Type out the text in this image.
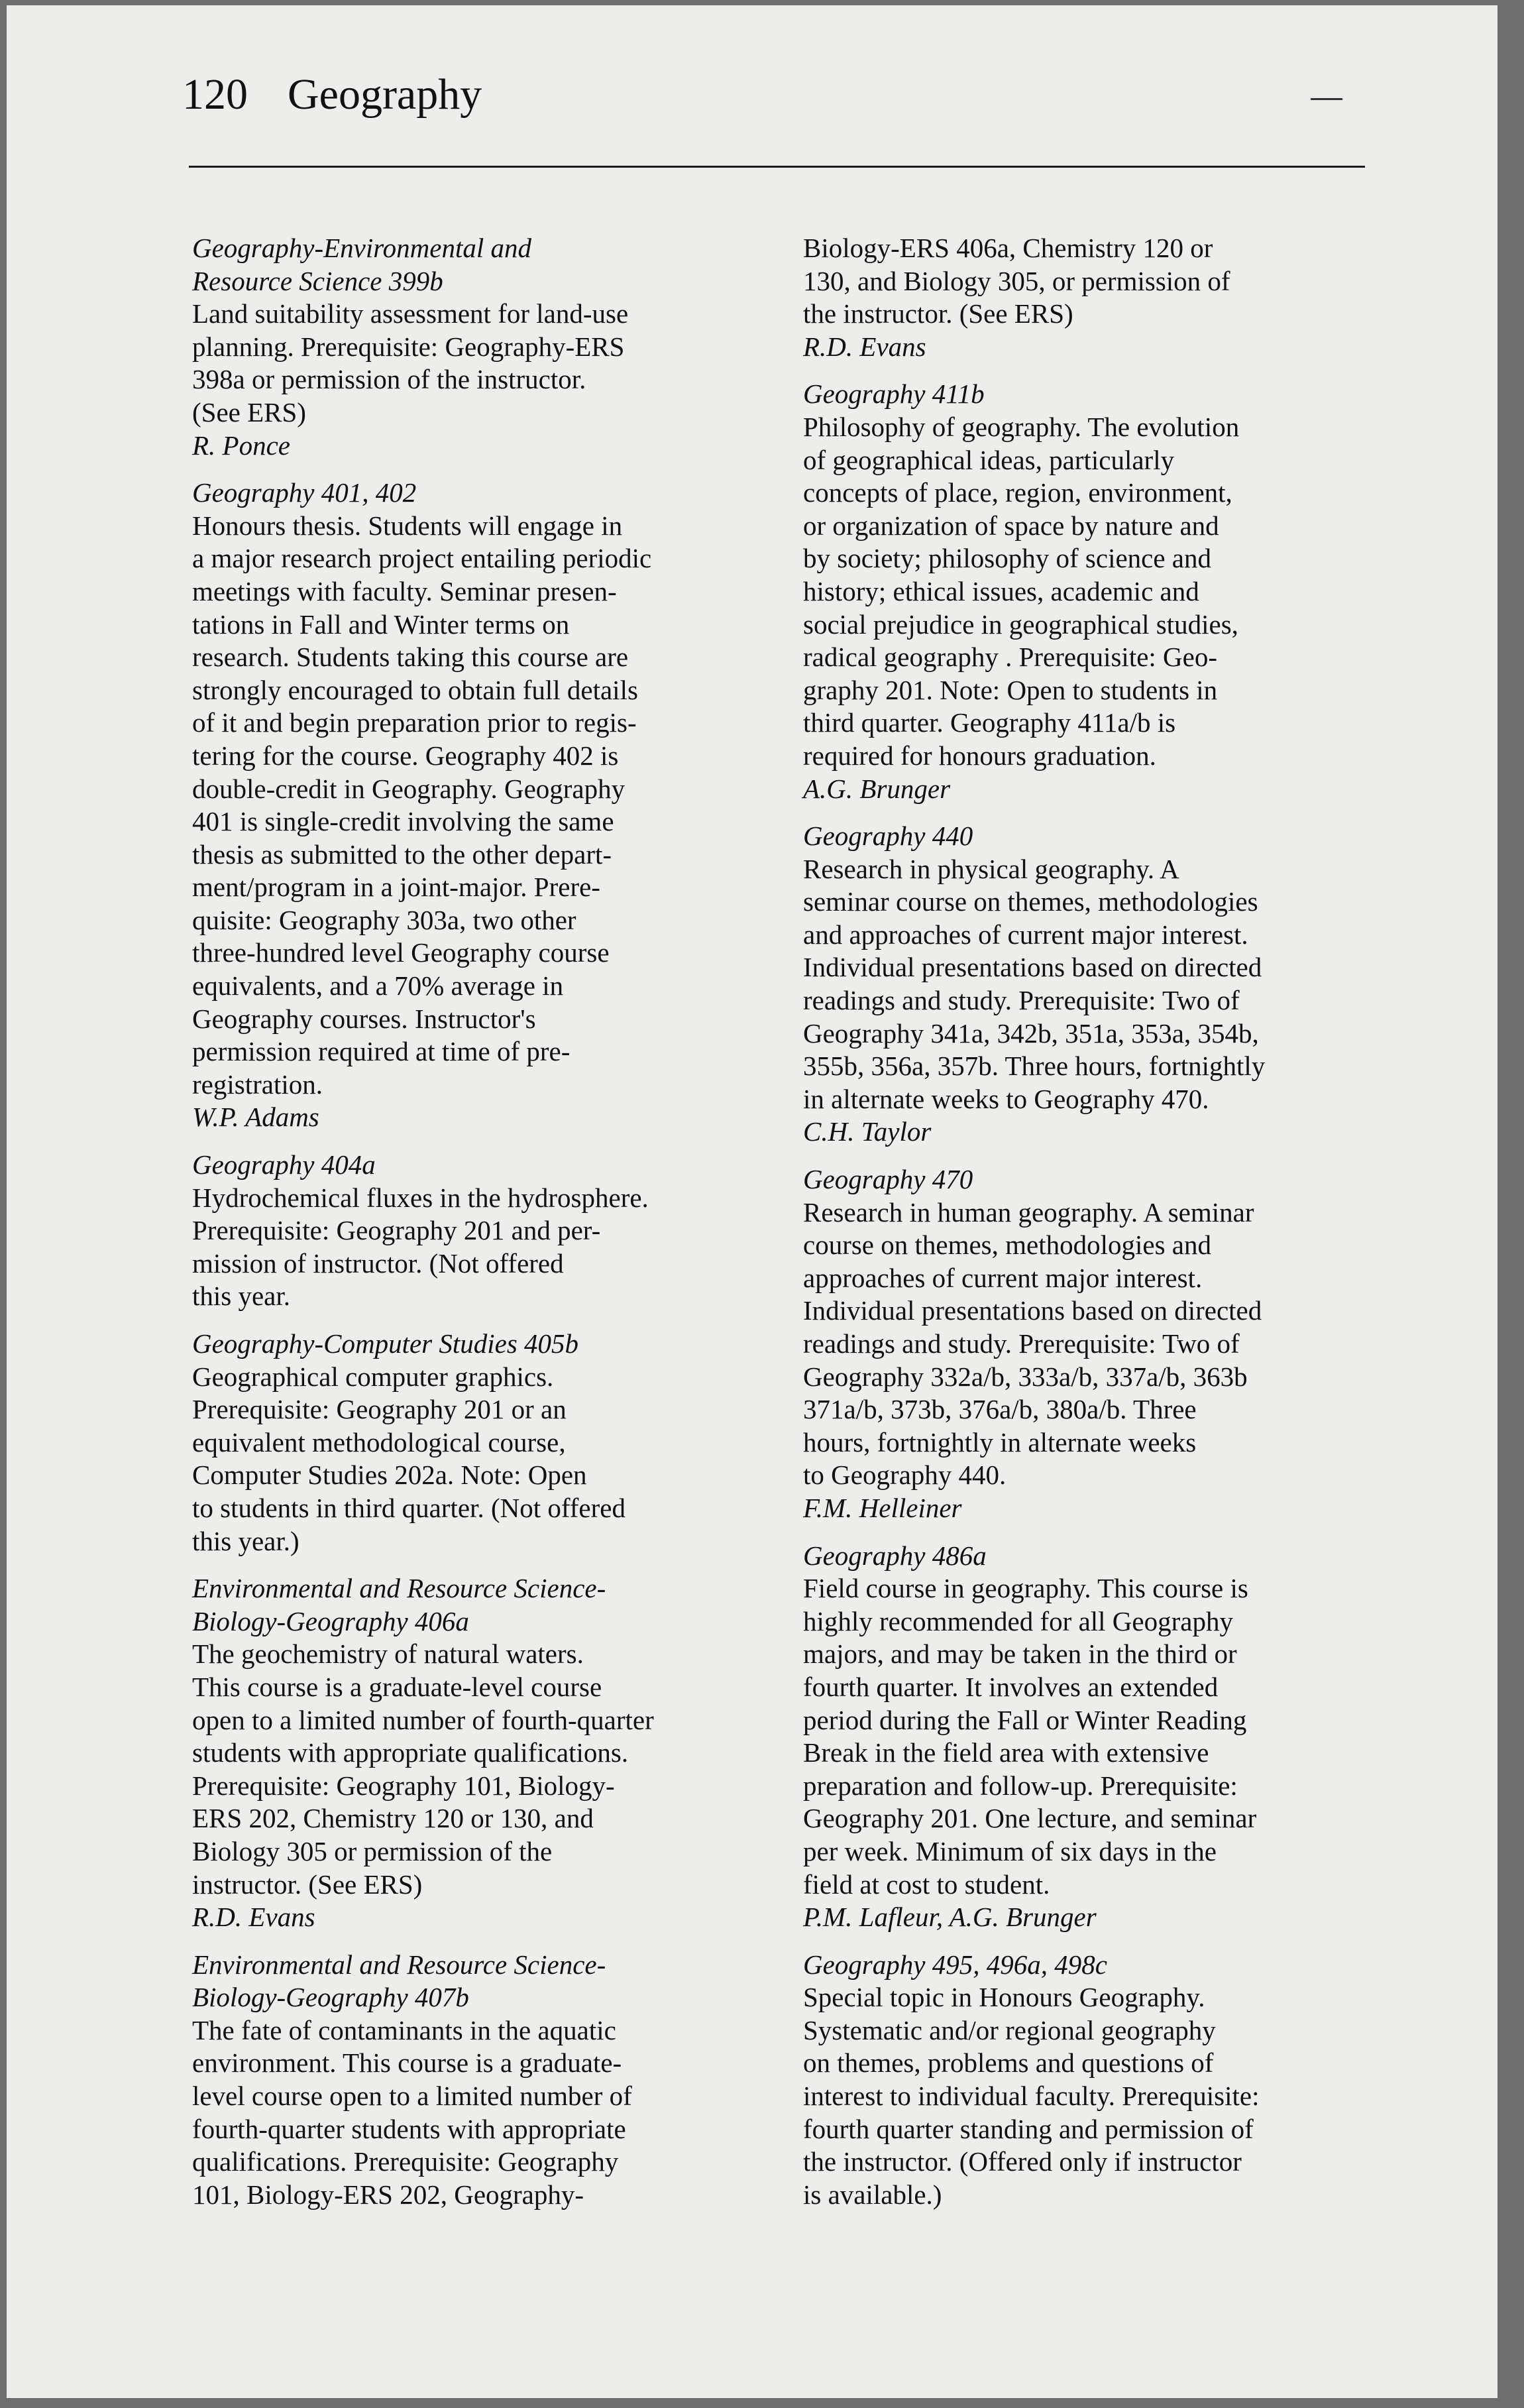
120 Geography

Geography-Environmental and
Resource Science 399b

Land suitability assessment for land-use
planning. Prerequisite: Geography-ERS
398a or permission of the instructor.
(See ERS)

R. Ponce

Geography 401, 402

Honours thesis. Students will engage in
a major research project entailing periodic
meetings with faculty. Seminar presen-
tations in Fall and Winter terms on
research. Students taking this course are
strongly encouraged to obtain full details
of it and begin preparation prior to regis-
tering for the course. Geography 402 is
double-credit in Geography. Geography
401 is single-credit involving the same
thesis as submitted to the other depart-
ment/program in a joint-major. Prere-
quisite: Geography 303a, two other
three-hundred level Geography course
equivalents, and a 70% average in
Geography courses. Instructor's
permission required at time of pre-
registration.

W.P. Adams

Geography 404a

Hydrochemical fluxes in the hydrosphere.
Prerequisite: Geography 201 and per-
mission of instructor. (Not offered
this year.

Geography-Computer Studies 405b

Geographical computer graphics.
Prerequisite: Geography 201 or an
equivalent methodological course,
Computer Studies 202a. Note: Open
to students in third quarter. (Not offered
this year.)

Environmental and Resource Science-
Biology-Geography 406a

The geochemistry of natural waters.
This course is a graduate-level course
open to a limited number of fourth-quarter
students with appropriate qualifications.
Prerequisite: Geography 101, Biology-
ERS 202, Chemistry 120 or 130, and
Biology 305 or permission of the
instructor. (See ERS)

R.D. Evans

Environmental and Resource Science-
Biology-Geography 407b

The fate of contaminants in the aquatic
environment. This course is a graduate-
level course open to a limited number of
fourth-quarter students with appropriate
qualifications. Prerequisite: Geography
101, Biology-ERS 202, Geography-

Biology-ERS 406a, Chemistry 120 or
130, and Biology 305, or permission of
the instructor. (See ERS)

R.D. Evans

Geography 411b

Philosophy of geography. The evolution
of geographical ideas, particularly
concepts of place, region, environment,
or organization of space by nature and
by society; philosophy of science and
history; ethical issues, academic and
social prejudice in geographical studies,
radical geography . Prerequisite: Geo-
graphy 201. Note: Open to students in
third quarter. Geography 411a/b is
required for honours graduation.

A.G. Brunger

Geography 440

Research in physical geography. A
seminar course on themes, methodologies
and approaches of current major interest.
Individual presentations based on directed
readings and study. Prerequisite: Two of
Geography 341a, 342b, 351a, 353a, 354b,
355b, 356a, 357b. Three hours, fortnightly
in alternate weeks to Geography 470.

C.H. Taylor

Geography 470

Research in human geography. A seminar
course on themes, methodologies and
approaches of current major interest.
Individual presentations based on directed
readings and study. Prerequisite: Two of
Geography 332a/b, 333a/b, 337a/b, 363b
371a/b, 373b, 376a/b, 380a/b. Three
hours, fortnightly in alternate weeks
to Geography 440.

F.M. Helleiner

Geography 486a

Field course in geography. This course is
highly recommended for all Geography
majors, and may be taken in the third or
fourth quarter. It involves an extended
period during the Fall or Winter Reading
Break in the field area with extensive
preparation and follow-up. Prerequisite:
Geography 201. One lecture, and seminar
per week. Minimum of six days in the
field at cost to student.

P.M. Lafleur, A.G. Brunger

Geography 495, 496a, 498c

Special topic in Honours Geography.
Systematic and/or regional geography
on themes, problems and questions of
interest to individual faculty. Prerequisite:
fourth quarter standing and permission of
the instructor. (Offered only if instructor
is available.)
